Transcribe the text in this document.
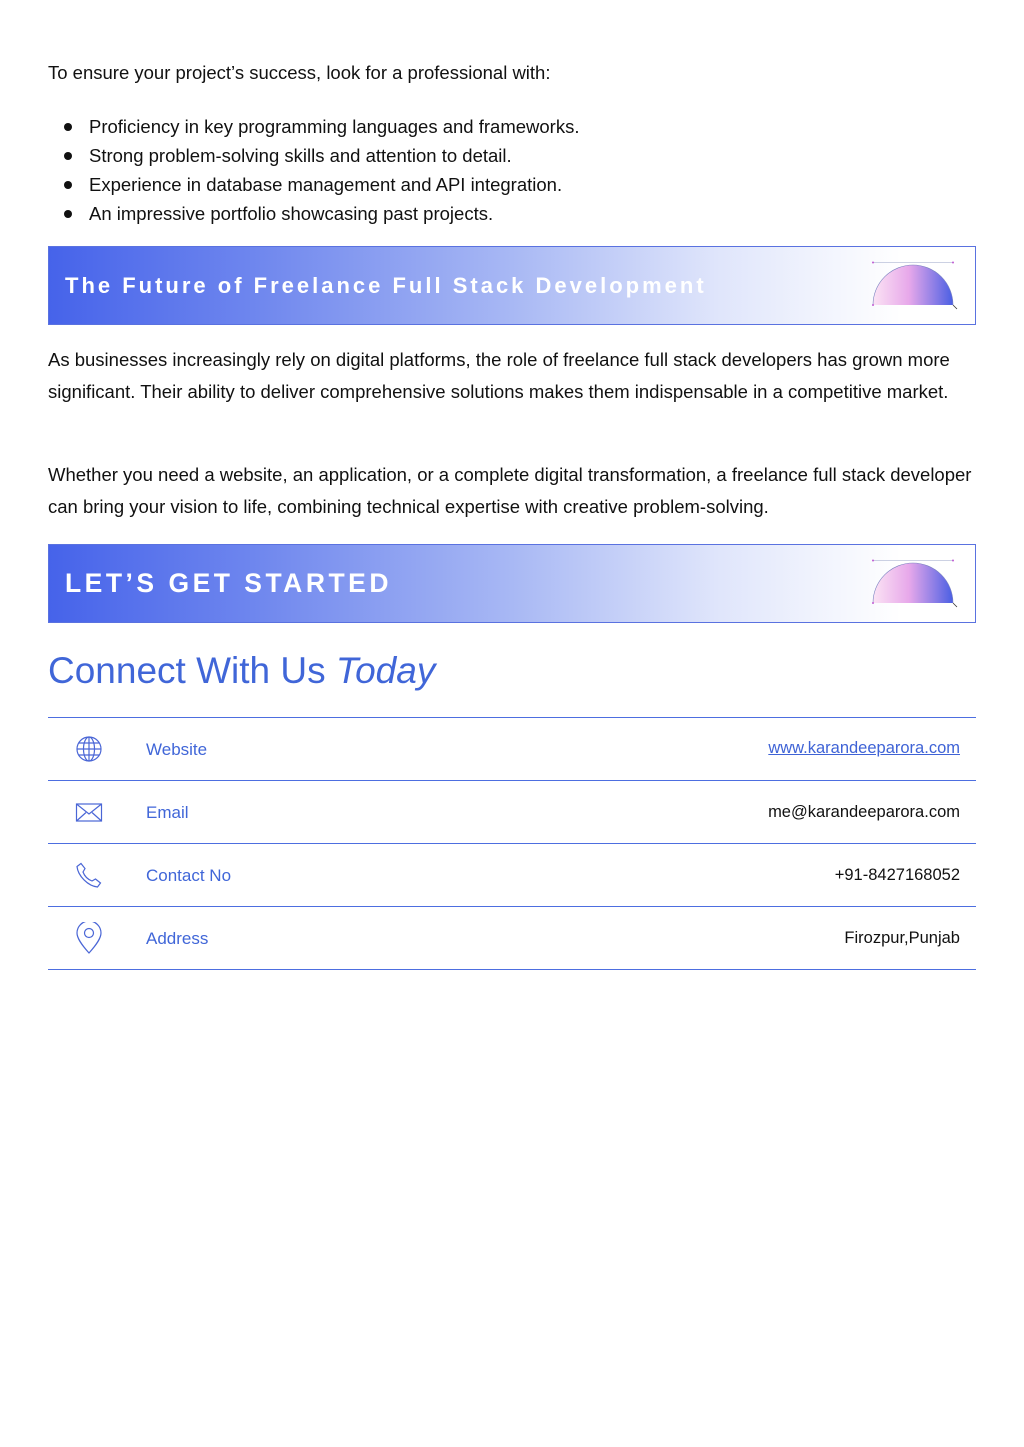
To ensure your project’s success, look for a professional with:

Proficiency in key programming languages and frameworks.
Strong problem-solving skills and attention to detail.
Experience in database management and API integration.
An impressive portfolio showcasing past projects.
The Future of Freelance Full Stack Development

As businesses increasingly rely on digital platforms, the role of freelance full stack developers has grown more significant. Their ability to deliver comprehensive solutions makes them indispensable in a competitive market.

Whether you need a website, an application, or a complete digital transformation, a freelance full stack developer can bring your vision to life, combining technical expertise with creative problem-solving.

LET’S GET STARTED
Connect With Us Today
Website	www.karandeeparora.com
Email	me@karandeeparora.com
Contact No	+91-8427168052
Address	Firozpur,Punjab
